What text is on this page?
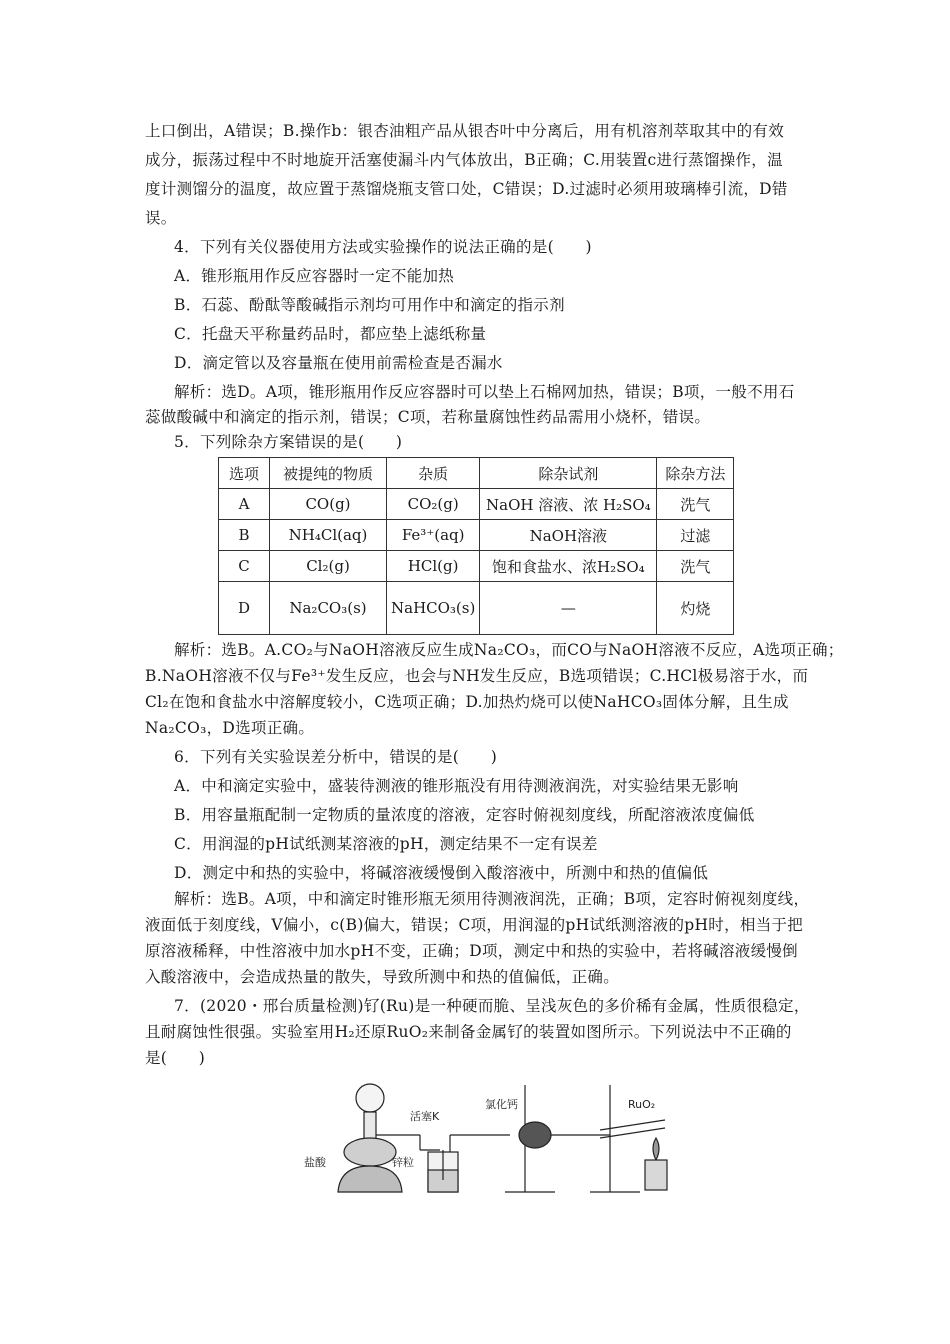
上口倒出，A错误；B.操作b：银杏油粗产品从银杏叶中分离后，用有机溶剂萃取其中的有效
成分，振荡过程中不时地旋开活塞使漏斗内气体放出，B正确；C.用装置c进行蒸馏操作，温
度计测馏分的温度，故应置于蒸馏烧瓶支管口处，C错误；D.过滤时必须用玻璃棒引流，D错
误。
4．下列有关仪器使用方法或实验操作的说法正确的是(　　)
A．锥形瓶用作反应容器时一定不能加热
B．石蕊、酚酞等酸碱指示剂均可用作中和滴定的指示剂
C．托盘天平称量药品时，都应垫上滤纸称量
D．滴定管以及容量瓶在使用前需检查是否漏水
解析：选D。A项，锥形瓶用作反应容器时可以垫上石棉网加热，错误；B项，一般不用石
蕊做酸碱中和滴定的指示剂，错误；C项，若称量腐蚀性药品需用小烧杯，错误。
5．下列除杂方案错误的是(　　)
选项	被提纯的物质	杂质	除杂试剂	除杂方法
A	CO(g)	CO₂(g)	NaOH 溶液、浓 H₂SO₄	洗气
B	NH₄Cl(aq)	Fe³⁺(aq)	NaOH溶液	过滤
C	Cl₂(g)	HCl(g)	饱和食盐水、浓H₂SO₄	洗气
D	Na₂CO₃(s)	NaHCO₃(s)	—	灼烧
解析：选B。A.CO₂与NaOH溶液反应生成Na₂CO₃，而CO与NaOH溶液不反应，A选项正确；
B.NaOH溶液不仅与Fe³⁺发生反应，也会与NH发生反应，B选项错误；C.HCl极易溶于水，而
Cl₂在饱和食盐水中溶解度较小，C选项正确；D.加热灼烧可以使NaHCO₃固体分解，且生成
Na₂CO₃，D选项正确。
6．下列有关实验误差分析中，错误的是(　　)
A．中和滴定实验中，盛装待测液的锥形瓶没有用待测液润洗，对实验结果无影响
B．用容量瓶配制一定物质的量浓度的溶液，定容时俯视刻度线，所配溶液浓度偏低
C．用润湿的pH试纸测某溶液的pH，测定结果不一定有误差
D．测定中和热的实验中，将碱溶液缓慢倒入酸溶液中，所测中和热的值偏低
解析：选B。A项，中和滴定时锥形瓶无须用待测液润洗，正确；B项，定容时俯视刻度线，
液面低于刻度线，V偏小，c(B)偏大，错误；C项，用润湿的pH试纸测溶液的pH时，相当于把
原溶液稀释，中性溶液中加水pH不变，正确；D项，测定中和热的实验中，若将碱溶液缓慢倒
入酸溶液中，会造成热量的散失，导致所测中和热的值偏低，正确。
7．(2020・邢台质量检测)钌(Ru)是一种硬而脆、呈浅灰色的多价稀有金属，性质很稳定，
且耐腐蚀性很强。实验室用H₂还原RuO₂来制备金属钌的装置如图所示。下列说法中不正确的
是(　　)
氯化钙
活塞K
RuO₂
盐酸	锌粒
